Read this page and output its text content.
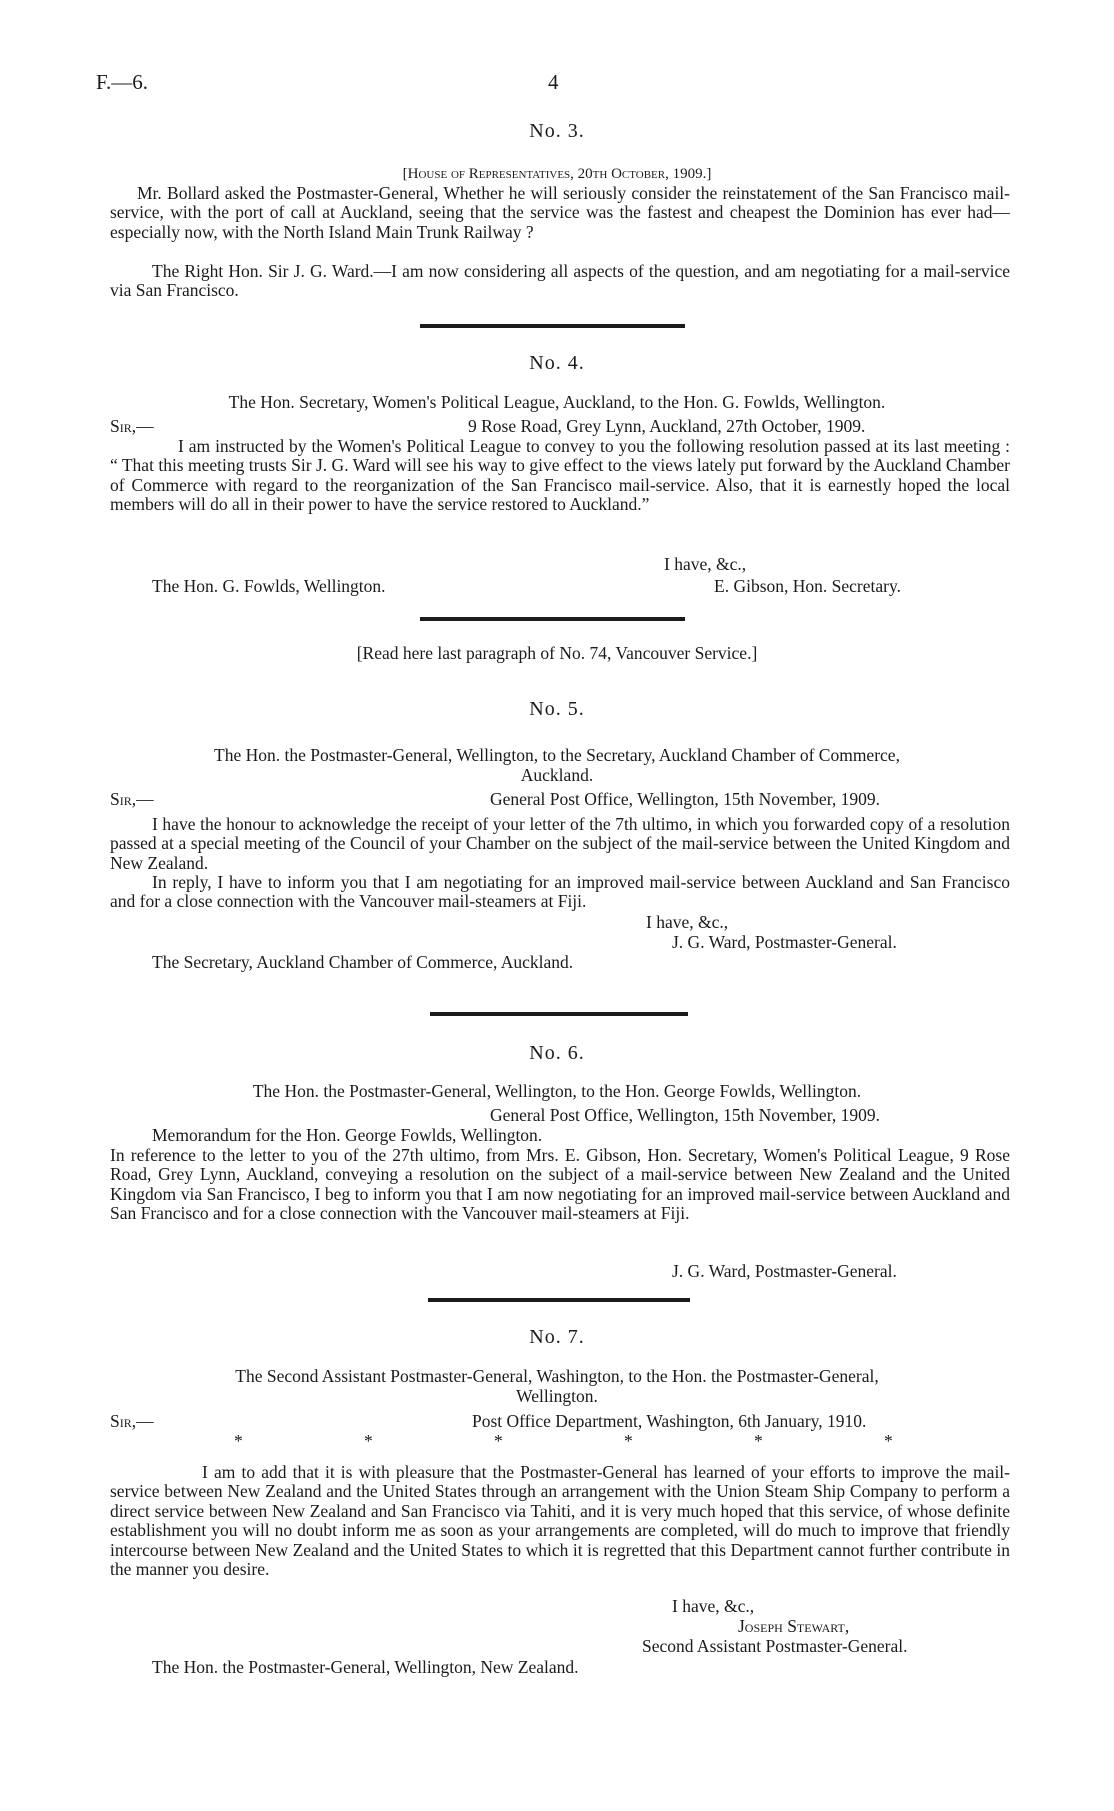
F.—6.	4
No. 3.
[House of Representatives, 20th October, 1909.]
Mr. Bollard asked the Postmaster-General, Whether he will seriously consider the reinstatement of the San Francisco mail-service, with the port of call at Auckland, seeing that the service was the fastest and cheapest the Dominion has ever had—especially now, with the North Island Main Trunk Railway ?
The Right Hon. Sir J. G. Ward.—I am now considering all aspects of the question, and am negotiating for a mail-service via San Francisco.
No. 4.
The Hon. Secretary, Women's Political League, Auckland, to the Hon. G. Fowlds, Wellington.
Sir,—	9 Rose Road, Grey Lynn, Auckland, 27th October, 1909.
I am instructed by the Women's Political League to convey to you the following resolution passed at its last meeting : “ That this meeting trusts Sir J. G. Ward will see his way to give effect to the views lately put forward by the Auckland Chamber of Commerce with regard to the reorganization of the San Francisco mail-service. Also, that it is earnestly hoped the local members will do all in their power to have the service restored to Auckland.”
I have, &c.,
The Hon. G. Fowlds, Wellington.	E. Gibson, Hon. Secretary.
[Read here last paragraph of No. 74, Vancouver Service.]
No. 5.
The Hon. the Postmaster-General, Wellington, to the Secretary, Auckland Chamber of Commerce,
Auckland.
Sir,—	General Post Office, Wellington, 15th November, 1909.
I have the honour to acknowledge the receipt of your letter of the 7th ultimo, in which you forwarded copy of a resolution passed at a special meeting of the Council of your Chamber on the subject of the mail-service between the United Kingdom and New Zealand.
In reply, I have to inform you that I am negotiating for an improved mail-service between Auckland and San Francisco and for a close connection with the Vancouver mail-steamers at Fiji.
I have, &c.,
J. G. Ward, Postmaster-General.
The Secretary, Auckland Chamber of Commerce, Auckland.
No. 6.
The Hon. the Postmaster-General, Wellington, to the Hon. George Fowlds, Wellington.
General Post Office, Wellington, 15th November, 1909.
Memorandum for the Hon. George Fowlds, Wellington.
In reference to the letter to you of the 27th ultimo, from Mrs. E. Gibson, Hon. Secretary, Women's Political League, 9 Rose Road, Grey Lynn, Auckland, conveying a resolution on the subject of a mail-service between New Zealand and the United Kingdom via San Francisco, I beg to inform you that I am now negotiating for an improved mail-service between Auckland and San Francisco and for a close connection with the Vancouver mail-steamers at Fiji.
J. G. Ward, Postmaster-General.
No. 7.
The Second Assistant Postmaster-General, Washington, to the Hon. the Postmaster-General,
Wellington.
Sir,—	Post Office Department, Washington, 6th January, 1910.
*	*	*	*	*	*
I am to add that it is with pleasure that the Postmaster-General has learned of your efforts to improve the mail-service between New Zealand and the United States through an arrangement with the Union Steam Ship Company to perform a direct service between New Zealand and San Francisco via Tahiti, and it is very much hoped that this service, of whose definite establishment you will no doubt inform me as soon as your arrangements are completed, will do much to improve that friendly intercourse between New Zealand and the United States to which it is regretted that this Department cannot further contribute in the manner you desire.
I have, &c.,
Joseph Stewart,
Second Assistant Postmaster-General.
The Hon. the Postmaster-General, Wellington, New Zealand.
